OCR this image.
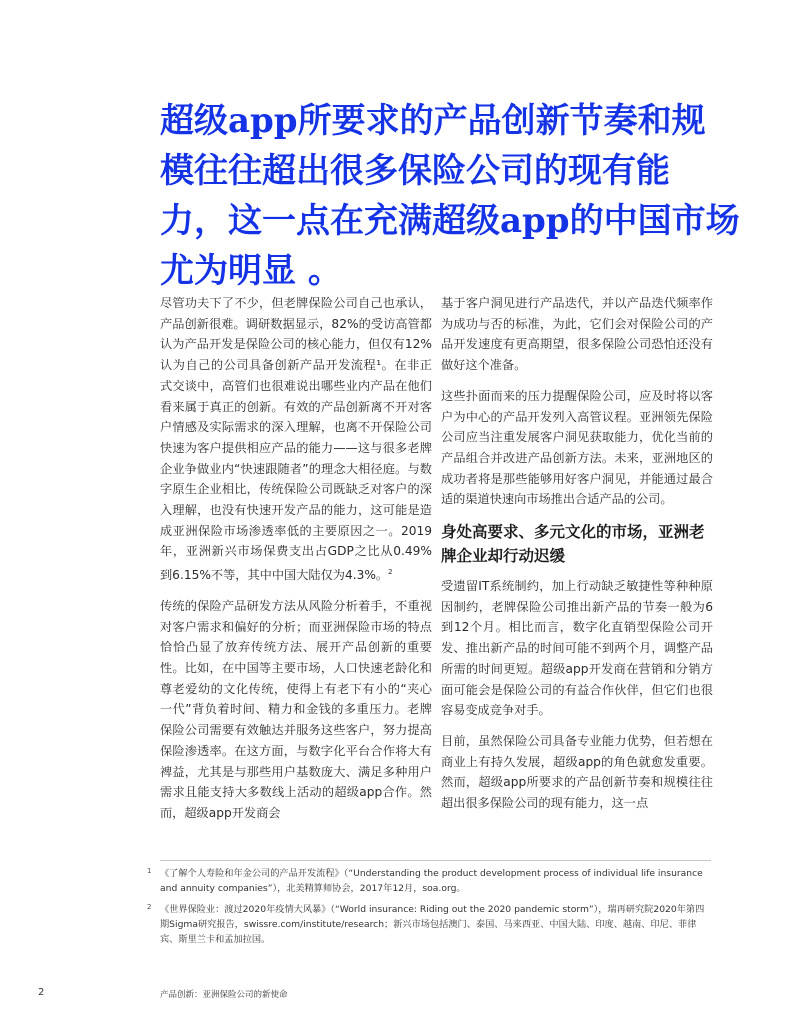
超级app所要求的产品创新节奏和规
模往往超出很多保险公司的现有能
力，这一点在充满超级app的中国市场
尤为明显 。

尽管功夫下了不少，但老牌保险公司自己也承认，产品创新很难。调研数据显示，82%的受访高管都认为产品开发是保险公司的核心能力，但仅有12%认为自己的公司具备创新产品开发流程¹。在非正式交谈中，高管们也很难说出哪些业内产品在他们看来属于真正的创新。有效的产品创新离不开对客户情感及实际需求的深入理解，也离不开保险公司快速为客户提供相应产品的能力——这与很多老牌企业争做业内“快速跟随者”的理念大相径庭。与数字原生企业相比，传统保险公司既缺乏对客户的深入理解，也没有快速开发产品的能力，这可能是造成亚洲保险市场渗透率低的主要原因之一。2019年，亚洲新兴市场保费支出占GDP之比从0.49%到6.15%不等，其中中国大陆仅为4.3%。$^2$

传统的保险产品研发方法从风险分析着手，不重视对客户需求和偏好的分析；而亚洲保险市场的特点恰恰凸显了放弃传统方法、展开产品创新的重要性。比如，在中国等主要市场，人口快速老龄化和尊老爱幼的文化传统，使得上有老下有小的“夹心一代”背负着时间、精力和金钱的多重压力。老牌保险公司需要有效触达并服务这些客户，努力提高保险渗透率。在这方面，与数字化平台合作将大有裨益，尤其是与那些用户基数庞大、满足多种用户需求且能支持大多数线上活动的超级app合作。然而，超级app开发商会

基于客户洞见进行产品迭代，并以产品迭代频率作为成功与否的标准，为此，它们会对保险公司的产品开发速度有更高期望，很多保险公司恐怕还没有做好这个准备。

这些扑面而来的压力提醒保险公司，应及时将以客户为中心的产品开发列入高管议程。亚洲领先保险公司应当注重发展客户洞见获取能力，优化当前的产品组合并改进产品创新方法。未来，亚洲地区的成功者将是那些能够用好客户洞见，并能通过最合适的渠道快速向市场推出合适产品的公司。

身处高要求、多元文化的市场，亚洲老牌企业却行动迟缓

受遗留IT系统制约，加上行动缺乏敏捷性等种种原因制约，老牌保险公司推出新产品的节奏一般为6到12个月。相比而言，数字化直销型保险公司开发、推出新产品的时间可能不到两个月，调整产品所需的时间更短。超级app开发商在营销和分销方面可能会是保险公司的有益合作伙伴，但它们也很容易变成竞争对手。

目前，虽然保险公司具备专业能力优势，但若想在商业上有持久发展，超级app的角色就愈发重要。然而，超级app所要求的产品创新节奏和规模往往超出很多保险公司的现有能力，这一点

1 《了解个人寿险和年金公司的产品开发流程》（“Understanding the product development process of individual life insurance and annuity companies”），北美精算师协会，2017年12月，soa.org。
2 《世界保险业：渡过2020年疫情大风暴》（“World insurance: Riding out the 2020 pandemic storm”），瑞再研究院2020年第四期Sigma研究报告，swissre.com/institute/research；新兴市场包括澳门、泰国、马来西亚、中国大陆、印度、越南、印尼、菲律宾、斯里兰卡和孟加拉国。
2	产品创新：亚洲保险公司的新使命
